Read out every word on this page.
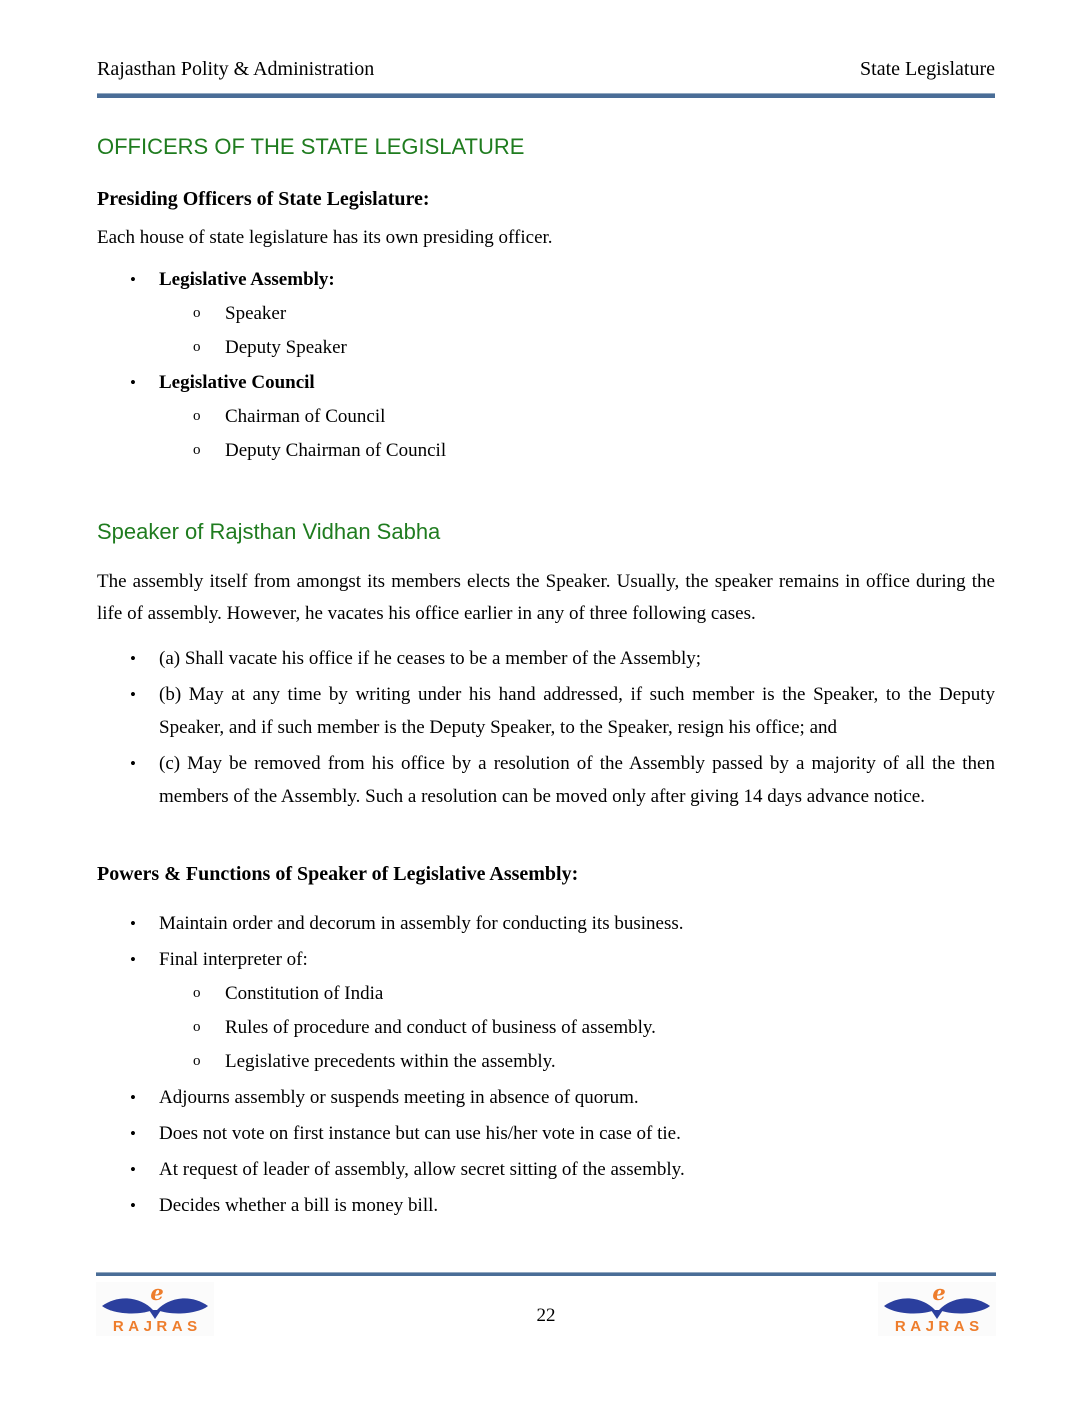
Rajasthan Polity & Administration	State Legislature
OFFICERS OF THE STATE LEGISLATURE
Presiding Officers of State Legislature:
Each house of state legislature has its own presiding officer.
•	Legislative Assembly:
o	Speaker
o	Deputy Speaker
•	Legislative Council
o	Chairman of Council
o	Deputy Chairman of Council
Speaker of Rajsthan Vidhan Sabha
The assembly itself from amongst its members elects the Speaker. Usually, the speaker remains in office during the life of assembly. However, he vacates his office earlier in any of three following cases.
•	(a) Shall vacate his office if he ceases to be a member of the Assembly;
•	(b) May at any time by writing under his hand addressed, if such member is the Speaker, to the Deputy Speaker, and if such member is the Deputy Speaker, to the Speaker, resign his office; and
•	(c) May be removed from his office by a resolution of the Assembly passed by a majority of all the then members of the Assembly. Such a resolution can be moved only after giving 14 days advance notice.
Powers & Functions of Speaker of Legislative Assembly:
•	Maintain order and decorum in assembly for conducting its business.
•	Final interpreter of:
o	Constitution of India
o	Rules of procedure and conduct of business of assembly.
o	Legislative precedents within the assembly.
•	Adjourns assembly or suspends meeting in absence of quorum.
•	Does not vote on first instance but can use his/her vote in case of tie.
•	At request of leader of assembly, allow secret sitting of the assembly.
•	Decides whether a bill is money bill.
e
RAJRAS
22
e
RAJRAS
